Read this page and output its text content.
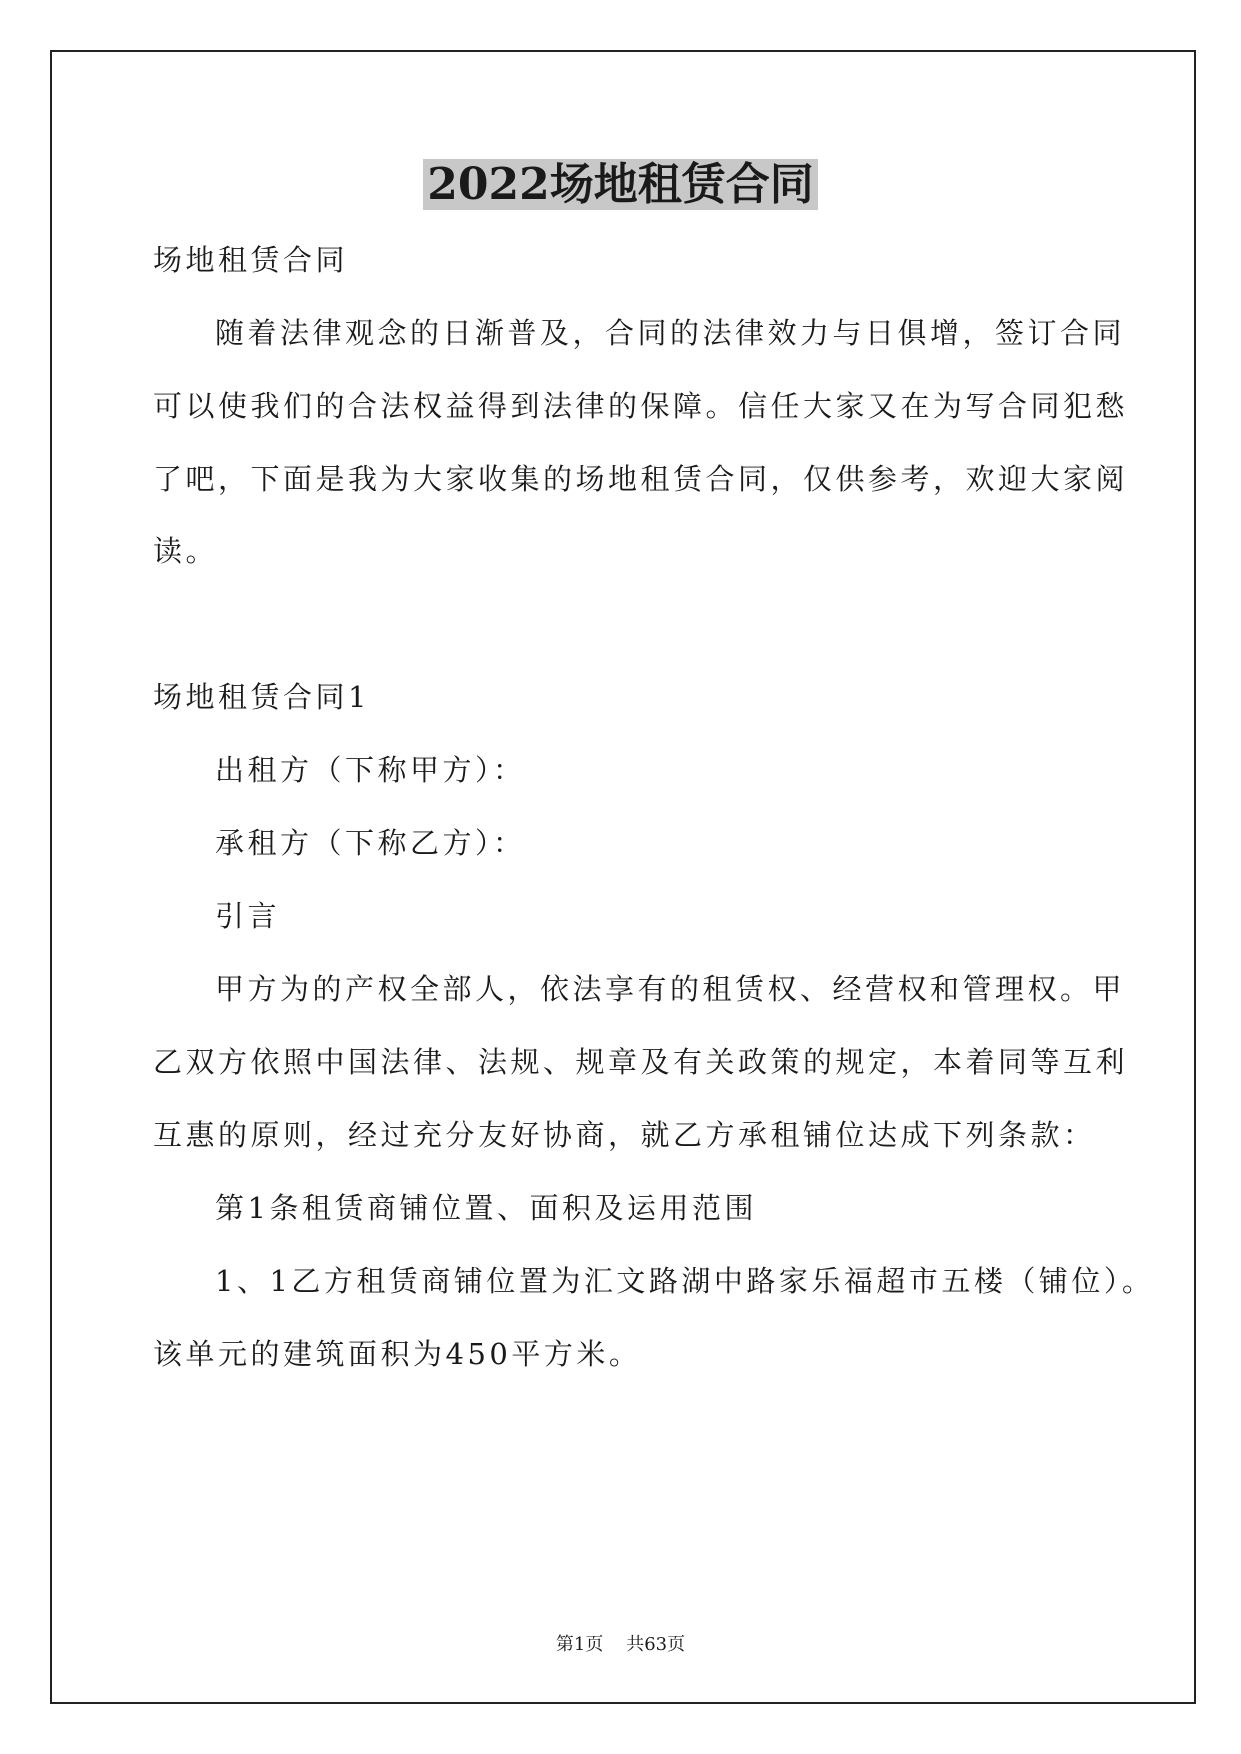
2022场地租赁合同

场地租赁合同

随着法律观念的日渐普及，合同的法律效力与日俱增，签订合同

可以使我们的合法权益得到法律的保障。信任大家又在为写合同犯愁

了吧，下面是我为大家收集的场地租赁合同，仅供参考，欢迎大家阅

读。

场地租赁合同1

出租方（下称甲方）：

承租方（下称乙方）：

引言

甲方为的产权全部人，依法享有的租赁权、经营权和管理权。甲

乙双方依照中国法律、法规、规章及有关政策的规定，本着同等互利

互惠的原则，经过充分友好协商，就乙方承租铺位达成下列条款：

第1条租赁商铺位置、面积及运用范围

1、1乙方租赁商铺位置为汇文路湖中路家乐福超市五楼（铺位）。

该单元的建筑面积为450平方米。

第1页    共63页
